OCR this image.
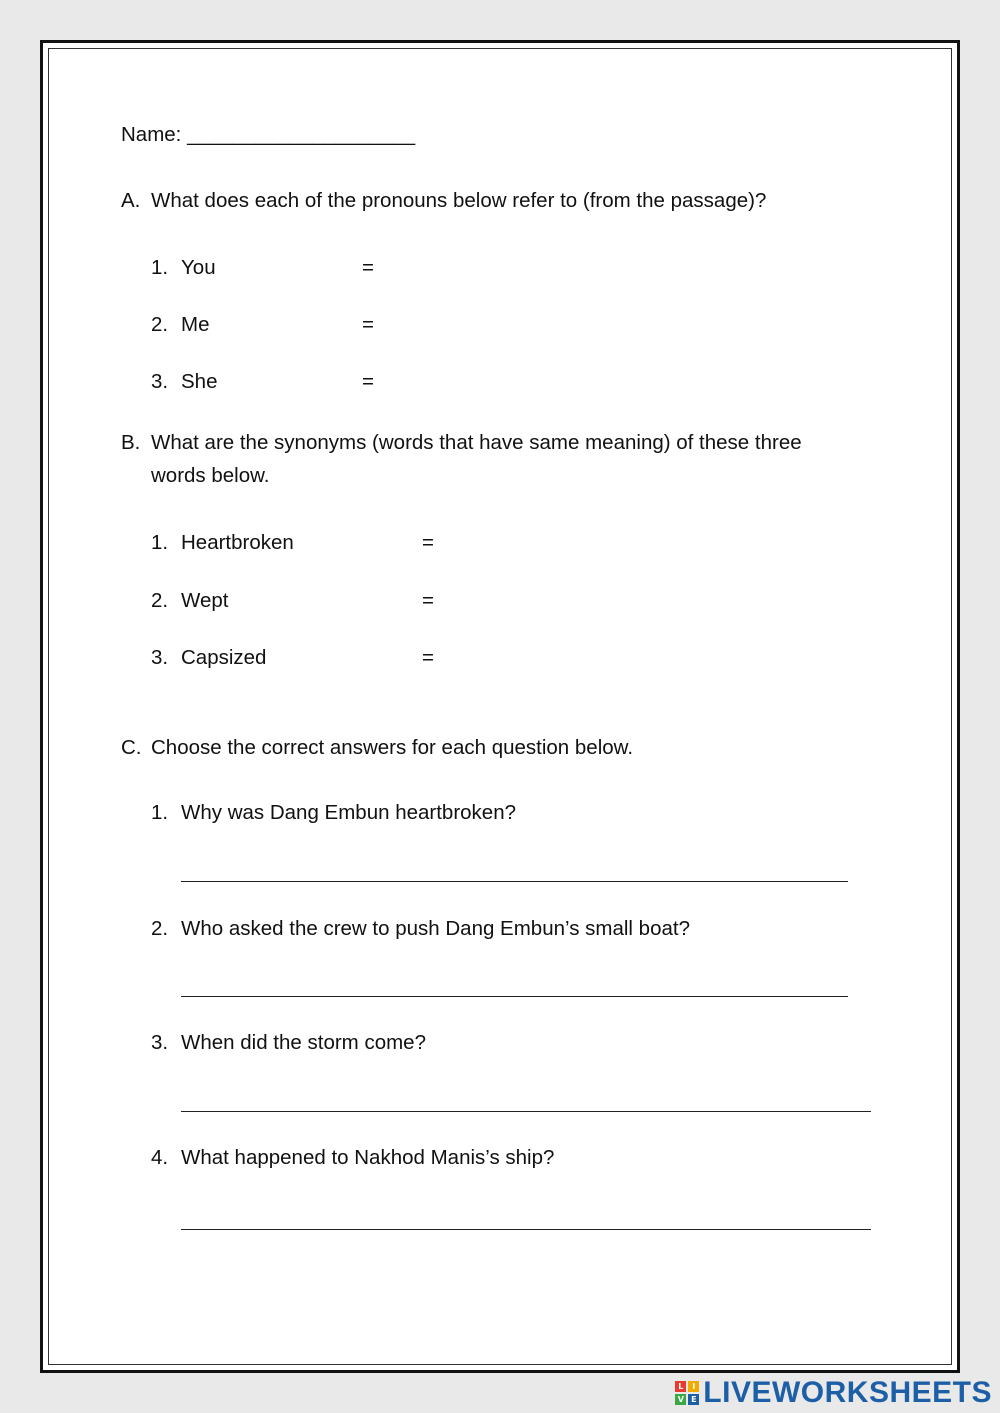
Name: ____________________
A. What does each of the pronouns below refer to (from the passage)?
1. You	=
2. Me	=
3. She	=
B. What are the synonyms (words that have same meaning) of these three
words below.
1. Heartbroken	=
2. Wept	=
3. Capsized	=
C. Choose the correct answers for each question below.
1. Why was Dang Embun heartbroken?
2. Who asked the crew to push Dang Embun’s small boat?
3. When did the storm come?
4. What happened to Nakhod Manis’s ship?
L	I
V E LIVEWORKSHEETS
